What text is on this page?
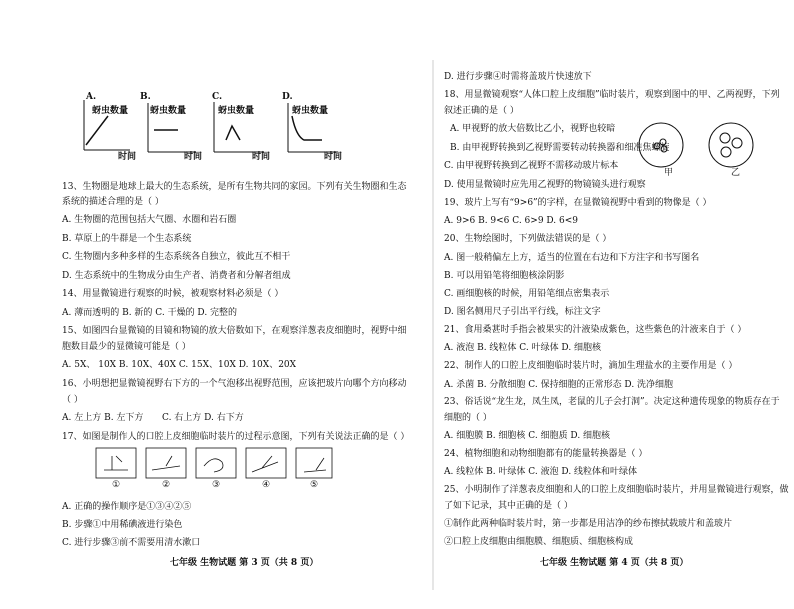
A.
蚜虫数量
时间
B.
蚜虫数量
时间
C.
蚜虫数量
时间
D.
蚜虫数量
时间
13、生物圈是地球上最大的生态系统，是所有生物共同的家园。下列有关生物圈和生态
系统的描述合理的是（ ）
A. 生物圈的范围包括大气圈、水圈和岩石圈
B. 草原上的牛群是一个生态系统
C. 生物圈内多种多样的生态系统各自独立，彼此互不相干
D. 生态系统中的生物成分由生产者、消费者和分解者组成
14、用显微镜进行观察的时候，被观察材料必须是（ ）
A. 薄而透明的 B. 新的 C. 干燥的 D. 完整的
15、如图四台显微镜的目镜和物镜的放大倍数如下，在观察洋葱表皮细胞时，视野中细
胞数目最少的显微镜可能是（ ）
A. 5X、 10X B. 10X、40X C. 15X、10X D. 10X、20X
16、小明想把显微镜视野右下方的一个气泡移出视野范围，应该把玻片向哪个方向移动
（ ）
A. 左上方 B. 左下方 C. 右上方 D. 右下方
17、如图是制作人的口腔上皮细胞临时装片的过程示意图，下列有关说法正确的是（ ）
①	②	③	④	⑤
A. 正确的操作顺序是①③④②⑤
B. 步骤①中用稀碘液进行染色
C. 进行步骤③前不需要用清水漱口
七年级 生物试题 第 3 页（共 8 页）
D. 进行步骤④时需将盖玻片快速放下
18、用显微镜观察“人体口腔上皮细胞”临时装片，观察到图中的甲、乙两视野，下列
叙述正确的是（ ）
A. 甲视野的放大倍数比乙小，视野也较暗
B. 由甲视野转换到乙视野需要转动转换器和细准焦螺旋
C. 由甲视野转换到乙视野不需移动玻片标本
D. 使用显微镜时应先用乙视野的物镜镜头进行观察
甲	乙
19、玻片上写有“9>6”的字样，在显微镜视野中看到的物像是（ ）
A. 9>6 B. 9<6 C. 6>9 D. 6<9
20、生物绘图时，下列做法错误的是（ ）
A. 图一般稍偏左上方，适当的位置在右边和下方注字和书写图名
B. 可以用铅笔将细胞核涂阴影
C. 画细胞核的时候，用铅笔细点密集表示
D. 图名侧用尺子引出平行线，标注文字
21、食用桑葚时手指会被果实的汁液染成紫色，这些紫色的汁液来自于（ ）
A. 液泡 B. 线粒体 C. 叶绿体 D. 细胞核
22、制作人的口腔上皮细胞临时装片时，滴加生理盐水的主要作用是（ ）
A. 杀菌 B. 分散细胞 C. 保持细胞的正常形态 D. 洗净细胞
23、俗话说“龙生龙，凤生凤，老鼠的儿子会打洞”。决定这种遗传现象的物质存在于
细胞的（ ）
A. 细胞膜 B. 细胞核 C. 细胞质 D. 细胞核
24、植物细胞和动物细胞都有的能量转换器是（ ）
A. 线粒体 B. 叶绿体 C. 液泡 D. 线粒体和叶绿体
25、小明制作了洋葱表皮细胞和人的口腔上皮细胞临时装片，并用显微镜进行观察，做
了如下记录，其中正确的是（ ）
①制作此两种临时装片时，第一步都是用洁净的纱布擦拭载玻片和盖玻片
②口腔上皮细胞由细胞膜、细胞质、细胞核构成
七年级 生物试题 第 4 页（共 8 页）
